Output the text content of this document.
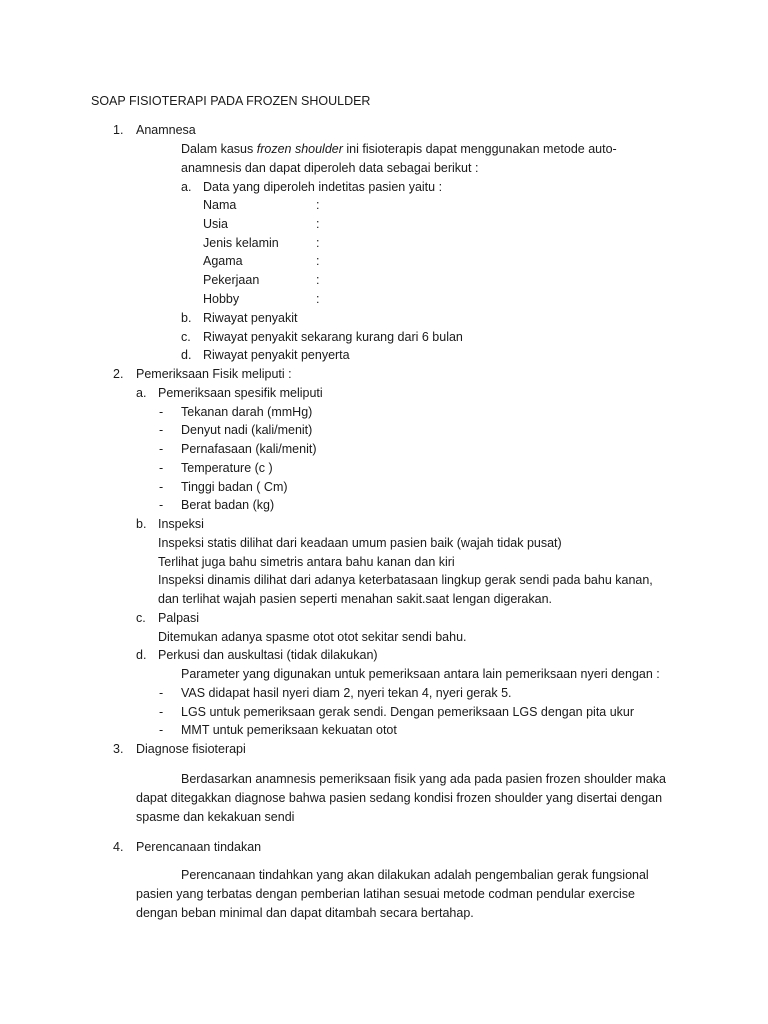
SOAP FISIOTERAPI PADA FROZEN SHOULDER
1. Anamnesa
Dalam kasus frozen shoulder ini fisioterapis dapat menggunakan metode auto-
anamnesis dan dapat diperoleh data sebagai berikut :
a. Data yang diperoleh indetitas pasien yaitu :
Nama	:
Usia	:
Jenis kelamin	:
Agama	:
Pekerjaan	:
Hobby	:
b. Riwayat penyakit
c. Riwayat penyakit sekarang kurang dari 6 bulan
d. Riwayat penyakit penyerta
2. Pemeriksaan Fisik meliputi :
a. Pemeriksaan spesifik meliputi
- Tekanan darah (mmHg)
- Denyut nadi (kali/menit)
- Pernafasaan (kali/menit)
- Temperature (c )
- Tinggi badan ( Cm)
- Berat badan (kg)
b. Inspeksi
Inspeksi statis dilihat dari keadaan umum pasien baik (wajah tidak pusat)
Terlihat juga bahu simetris antara bahu kanan dan kiri
Inspeksi dinamis dilihat dari adanya keterbatasaan lingkup gerak sendi pada bahu kanan,
dan terlihat wajah pasien seperti menahan sakit.saat lengan digerakan.
c. Palpasi
Ditemukan adanya spasme otot otot sekitar sendi bahu.
d. Perkusi dan auskultasi (tidak dilakukan)
Parameter yang digunakan untuk pemeriksaan antara lain pemeriksaan nyeri dengan :
- VAS didapat hasil nyeri diam 2, nyeri tekan 4, nyeri gerak 5.
- LGS untuk pemeriksaan gerak sendi. Dengan pemeriksaan LGS dengan pita ukur
- MMT untuk pemeriksaan kekuatan otot
3. Diagnose fisioterapi
Berdasarkan anamnesis pemeriksaan fisik yang ada pada pasien frozen shoulder maka
dapat ditegakkan diagnose bahwa pasien sedang kondisi frozen shoulder yang disertai dengan
spasme dan kekakuan sendi
4. Perencanaan tindakan
Perencanaan tindahkan yang akan dilakukan adalah pengembalian gerak fungsional
pasien yang terbatas dengan pemberian latihan sesuai metode codman pendular exercise
dengan beban minimal dan dapat ditambah secara bertahap.
